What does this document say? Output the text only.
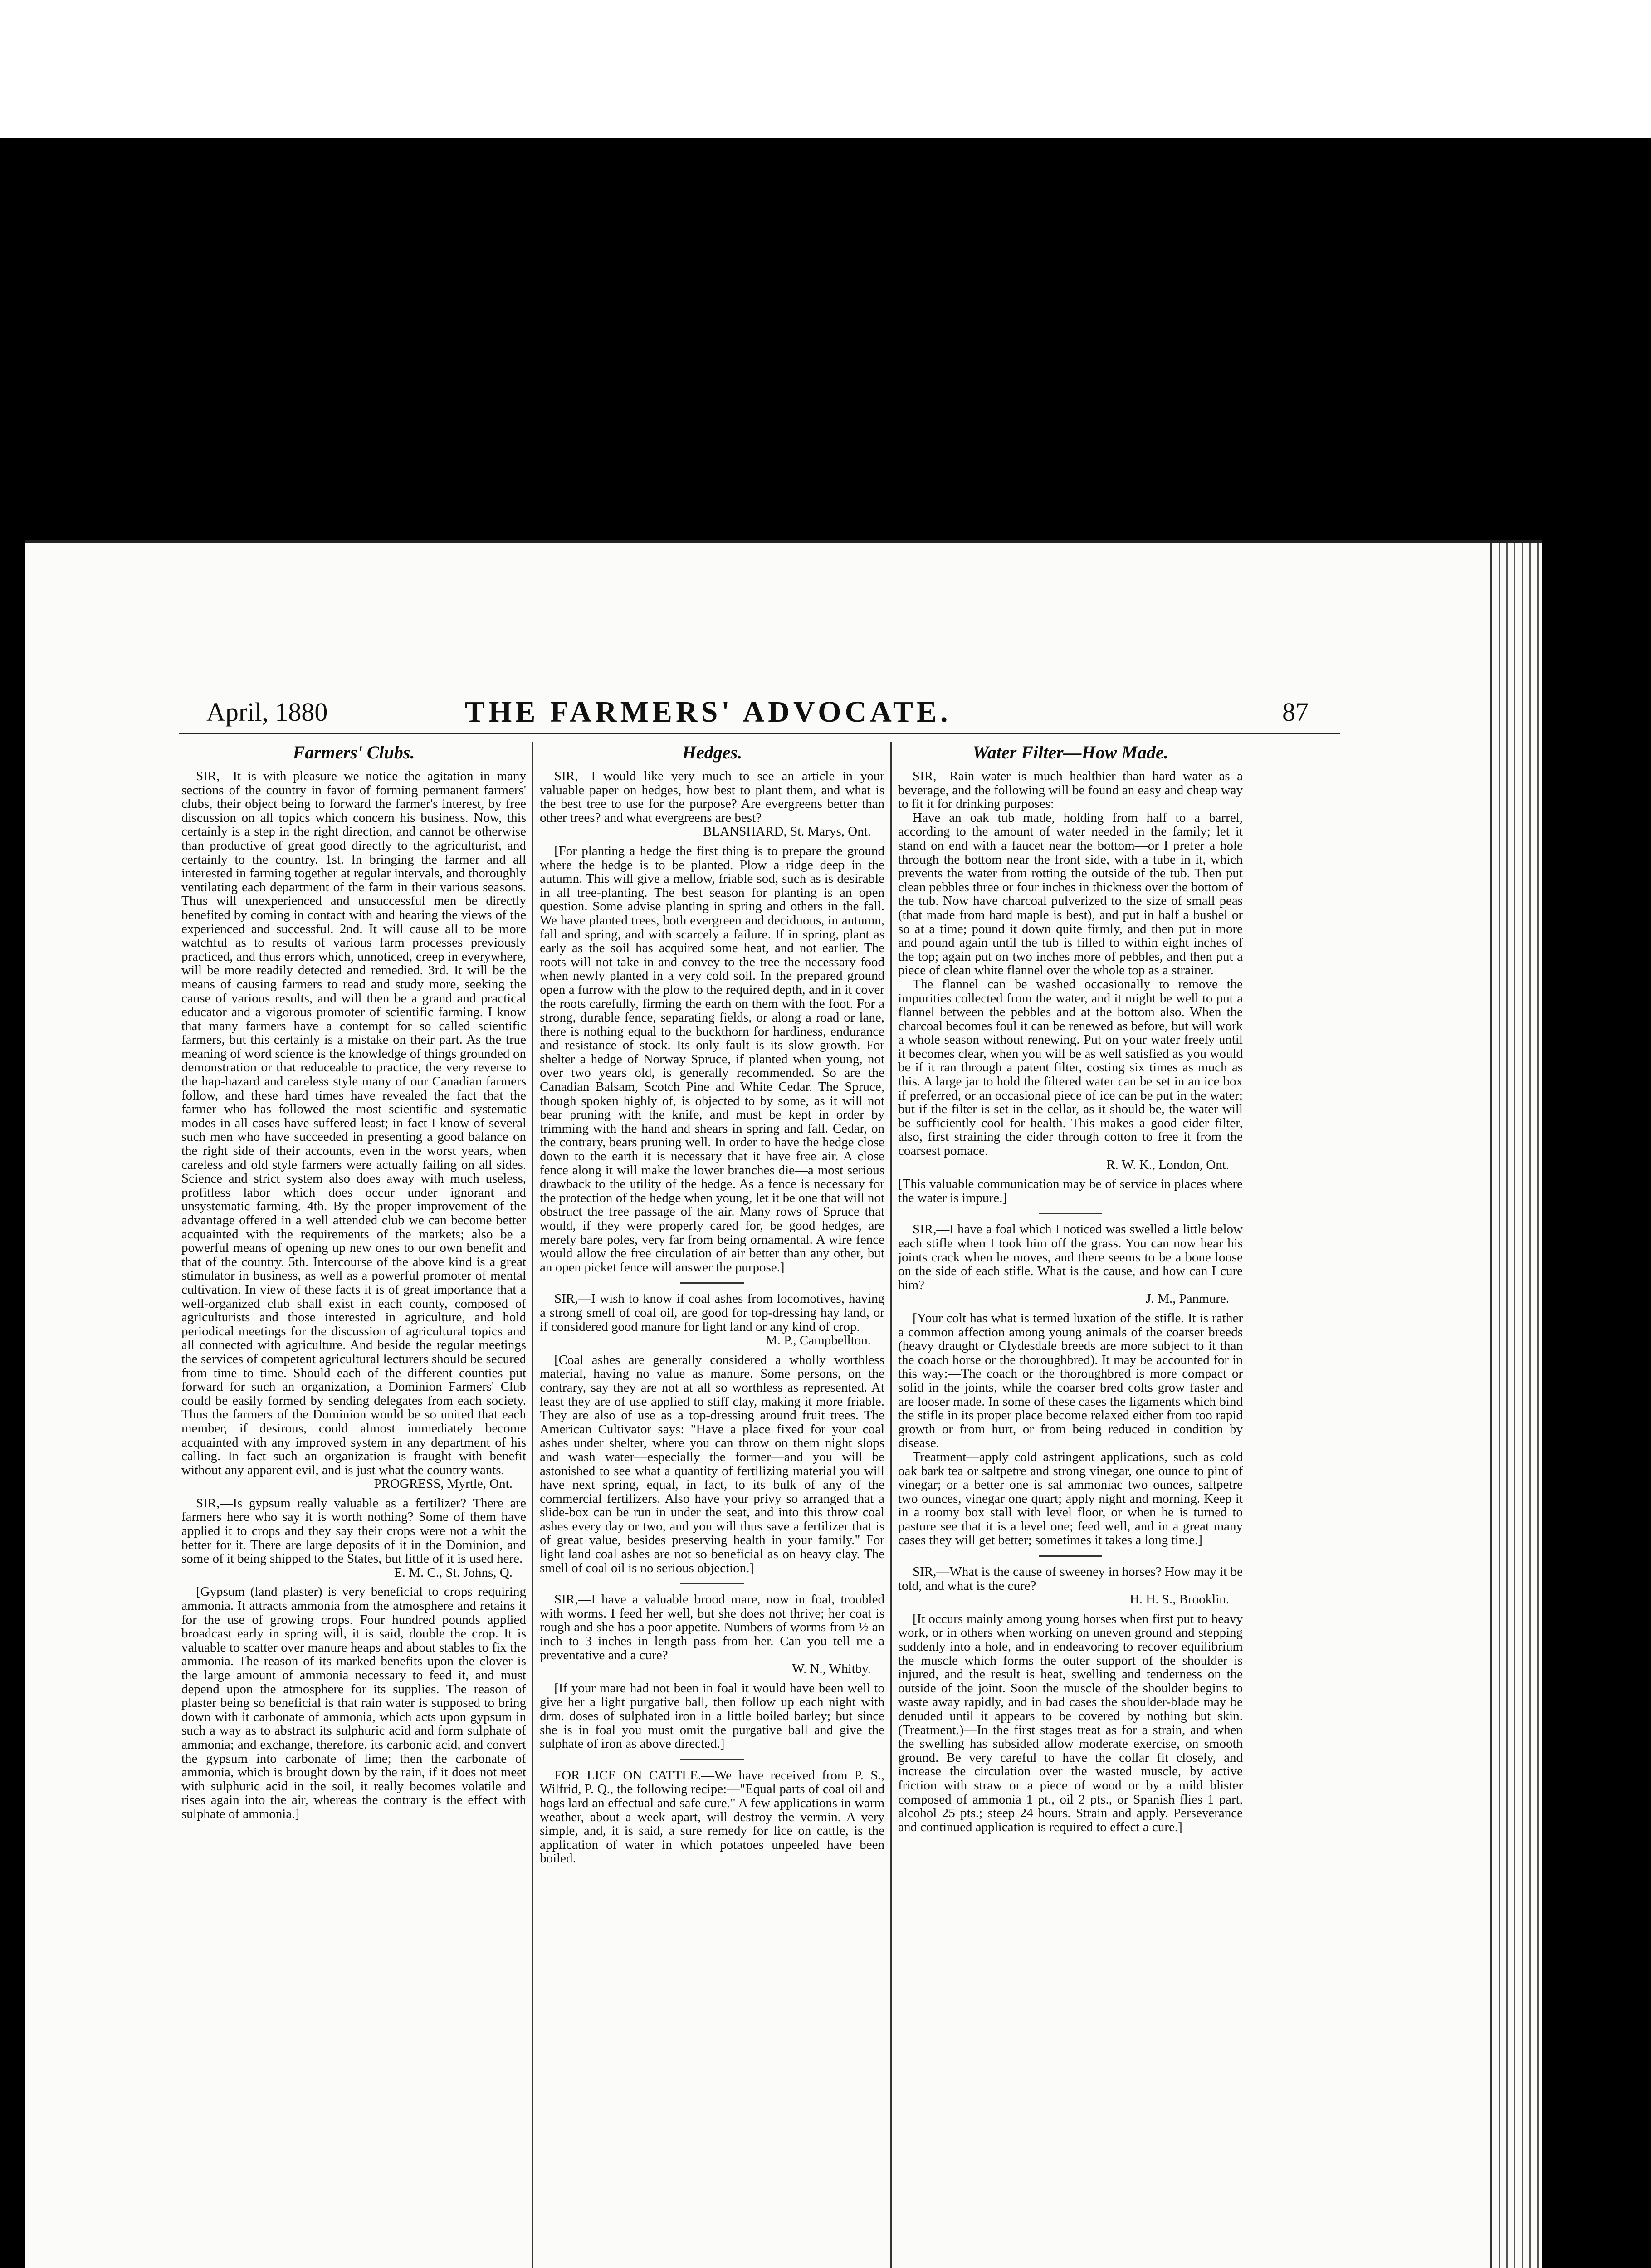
April, 1880	THE FARMERS' ADVOCATE.	87
Farmers' Clubs.

SIR,—It is with pleasure we notice the agitation in many sections of the country in favor of forming permanent farmers' clubs, their object being to forward the farmer's interest, by free discussion on all topics which concern his business. Now, this certainly is a step in the right direction, and cannot be otherwise than productive of great good directly to the agriculturist, and certainly to the country. 1st. In bringing the farmer and all interested in farming together at regular intervals, and thoroughly ventilating each department of the farm in their various seasons. Thus will unexperienced and unsuccessful men be directly benefited by coming in contact with and hearing the views of the experienced and successful. 2nd. It will cause all to be more watchful as to results of various farm processes previously practiced, and thus errors which, unnoticed, creep in everywhere, will be more readily detected and remedied. 3rd. It will be the means of causing farmers to read and study more, seeking the cause of various results, and will then be a grand and practical educator and a vigorous promoter of scientific farming. I know that many farmers have a contempt for so called scientific farmers, but this certainly is a mistake on their part. As the true meaning of word science is the knowledge of things grounded on demonstration or that reduceable to practice, the very reverse to the hap-hazard and careless style many of our Canadian farmers follow, and these hard times have revealed the fact that the farmer who has followed the most scientific and systematic modes in all cases have suffered least; in fact I know of several such men who have succeeded in presenting a good balance on the right side of their accounts, even in the worst years, when careless and old style farmers were actually failing on all sides. Science and strict system also does away with much useless, profitless labor which does occur under ignorant and unsystematic farming. 4th. By the proper improvement of the advantage offered in a well attended club we can become better acquainted with the requirements of the markets; also be a powerful means of opening up new ones to our own benefit and that of the country. 5th. Intercourse of the above kind is a great stimulator in business, as well as a powerful promoter of mental cultivation. In view of these facts it is of great importance that a well-organized club shall exist in each county, composed of agriculturists and those interested in agriculture, and hold periodical meetings for the discussion of agricultural topics and all connected with agriculture. And beside the regular meetings the services of competent agricultural lecturers should be secured from time to time. Should each of the different counties put forward for such an organization, a Dominion Farmers' Club could be easily formed by sending delegates from each society. Thus the farmers of the Dominion would be so united that each member, if desirous, could almost immediately become acquainted with any improved system in any department of his calling. In fact such an organization is fraught with benefit without any apparent evil, and is just what the country wants.

PROGRESS, Myrtle, Ont.

SIR,—Is gypsum really valuable as a fertilizer? There are farmers here who say it is worth nothing? Some of them have applied it to crops and they say their crops were not a whit the better for it. There are large deposits of it in the Dominion, and some of it being shipped to the States, but little of it is used here.

E. M. C., St. Johns, Q.

[Gypsum (land plaster) is very beneficial to crops requiring ammonia. It attracts ammonia from the atmosphere and retains it for the use of growing crops. Four hundred pounds applied broadcast early in spring will, it is said, double the crop. It is valuable to scatter over manure heaps and about stables to fix the ammonia. The reason of its marked benefits upon the clover is the large amount of ammonia necessary to feed it, and must depend upon the atmosphere for its supplies. The reason of plaster being so beneficial is that rain water is supposed to bring down with it carbonate of ammonia, which acts upon gypsum in such a way as to abstract its sulphuric acid and form sulphate of ammonia; and exchange, therefore, its carbonic acid, and convert the gypsum into carbonate of lime; then the carbonate of ammonia, which is brought down by the rain, if it does not meet with sulphuric acid in the soil, it really becomes volatile and rises again into the air, whereas the contrary is the effect with sulphate of ammonia.]

Hedges.

SIR,—I would like very much to see an article in your valuable paper on hedges, how best to plant them, and what is the best tree to use for the purpose? Are evergreens better than other trees? and what evergreens are best?

BLANSHARD, St. Marys, Ont.

[For planting a hedge the first thing is to prepare the ground where the hedge is to be planted. Plow a ridge deep in the autumn. This will give a mellow, friable sod, such as is desirable in all tree-planting. The best season for planting is an open question. Some advise planting in spring and others in the fall. We have planted trees, both evergreen and deciduous, in autumn, fall and spring, and with scarcely a failure. If in spring, plant as early as the soil has acquired some heat, and not earlier. The roots will not take in and convey to the tree the necessary food when newly planted in a very cold soil. In the prepared ground open a furrow with the plow to the required depth, and in it cover the roots carefully, firming the earth on them with the foot. For a strong, durable fence, separating fields, or along a road or lane, there is nothing equal to the buckthorn for hardiness, endurance and resistance of stock. Its only fault is its slow growth. For shelter a hedge of Norway Spruce, if planted when young, not over two years old, is generally recommended. So are the Canadian Balsam, Scotch Pine and White Cedar. The Spruce, though spoken highly of, is objected to by some, as it will not bear pruning with the knife, and must be kept in order by trimming with the hand and shears in spring and fall. Cedar, on the contrary, bears pruning well. In order to have the hedge close down to the earth it is necessary that it have free air. A close fence along it will make the lower branches die—a most serious drawback to the utility of the hedge. As a fence is necessary for the protection of the hedge when young, let it be one that will not obstruct the free passage of the air. Many rows of Spruce that would, if they were properly cared for, be good hedges, are merely bare poles, very far from being ornamental. A wire fence would allow the free circulation of air better than any other, but an open picket fence will answer the purpose.]

SIR,—I wish to know if coal ashes from locomotives, having a strong smell of coal oil, are good for top-dressing hay land, or if considered good manure for light land or any kind of crop.

M. P., Campbellton.

[Coal ashes are generally considered a wholly worthless material, having no value as manure. Some persons, on the contrary, say they are not at all so worthless as represented. At least they are of use applied to stiff clay, making it more friable. They are also of use as a top-dressing around fruit trees. The American Cultivator says: "Have a place fixed for your coal ashes under shelter, where you can throw on them night slops and wash water—especially the former—and you will be astonished to see what a quantity of fertilizing material you will have next spring, equal, in fact, to its bulk of any of the commercial fertilizers. Also have your privy so arranged that a slide-box can be run in under the seat, and into this throw coal ashes every day or two, and you will thus save a fertilizer that is of great value, besides preserving health in your family." For light land coal ashes are not so beneficial as on heavy clay. The smell of coal oil is no serious objection.]

SIR,—I have a valuable brood mare, now in foal, troubled with worms. I feed her well, but she does not thrive; her coat is rough and she has a poor appetite. Numbers of worms from ½ an inch to 3 inches in length pass from her. Can you tell me a preventative and a cure?

W. N., Whitby.

[If your mare had not been in foal it would have been well to give her a light purgative ball, then follow up each night with drm. doses of sulphated iron in a little boiled barley; but since she is in foal you must omit the purgative ball and give the sulphate of iron as above directed.]

FOR LICE ON CATTLE.—We have received from P. S., Wilfrid, P. Q., the following recipe:—"Equal parts of coal oil and hogs lard an effectual and safe cure." A few applications in warm weather, about a week apart, will destroy the vermin. A very simple, and, it is said, a sure remedy for lice on cattle, is the application of water in which potatoes unpeeled have been boiled.

Water Filter—How Made.

SIR,—Rain water is much healthier than hard water as a beverage, and the following will be found an easy and cheap way to fit it for drinking purposes:

Have an oak tub made, holding from half to a barrel, according to the amount of water needed in the family; let it stand on end with a faucet near the bottom—or I prefer a hole through the bottom near the front side, with a tube in it, which prevents the water from rotting the outside of the tub. Then put clean pebbles three or four inches in thickness over the bottom of the tub. Now have charcoal pulverized to the size of small peas (that made from hard maple is best), and put in half a bushel or so at a time; pound it down quite firmly, and then put in more and pound again until the tub is filled to within eight inches of the top; again put on two inches more of pebbles, and then put a piece of clean white flannel over the whole top as a strainer.

The flannel can be washed occasionally to remove the impurities collected from the water, and it might be well to put a flannel between the pebbles and at the bottom also. When the charcoal becomes foul it can be renewed as before, but will work a whole season without renewing. Put on your water freely until it becomes clear, when you will be as well satisfied as you would be if it ran through a patent filter, costing six times as much as this. A large jar to hold the filtered water can be set in an ice box if preferred, or an occasional piece of ice can be put in the water; but if the filter is set in the cellar, as it should be, the water will be sufficiently cool for health. This makes a good cider filter, also, first straining the cider through cotton to free it from the coarsest pomace.

R. W. K., London, Ont.

[This valuable communication may be of service in places where the water is impure.]

SIR,—I have a foal which I noticed was swelled a little below each stifle when I took him off the grass. You can now hear his joints crack when he moves, and there seems to be a bone loose on the side of each stifle. What is the cause, and how can I cure him?

J. M., Panmure.

[Your colt has what is termed luxation of the stifle. It is rather a common affection among young animals of the coarser breeds (heavy draught or Clydesdale breeds are more subject to it than the coach horse or the thoroughbred). It may be accounted for in this way:—The coach or the thoroughbred is more compact or solid in the joints, while the coarser bred colts grow faster and are looser made. In some of these cases the ligaments which bind the stifle in its proper place become relaxed either from too rapid growth or from hurt, or from being reduced in condition by disease.

Treatment—apply cold astringent applications, such as cold oak bark tea or saltpetre and strong vinegar, one ounce to pint of vinegar; or a better one is sal ammoniac two ounces, saltpetre two ounces, vinegar one quart; apply night and morning. Keep it in a roomy box stall with level floor, or when he is turned to pasture see that it is a level one; feed well, and in a great many cases they will get better; sometimes it takes a long time.]

SIR,—What is the cause of sweeney in horses? How may it be told, and what is the cure?

H. H. S., Brooklin.

[It occurs mainly among young horses when first put to heavy work, or in others when working on uneven ground and stepping suddenly into a hole, and in endeavoring to recover equilibrium the muscle which forms the outer support of the shoulder is injured, and the result is heat, swelling and tenderness on the outside of the joint. Soon the muscle of the shoulder begins to waste away rapidly, and in bad cases the shoulder-blade may be denuded until it appears to be covered by nothing but skin. (Treatment.)—In the first stages treat as for a strain, and when the swelling has subsided allow moderate exercise, on smooth ground. Be very careful to have the collar fit closely, and increase the circulation over the wasted muscle, by active friction with straw or a piece of wood or by a mild blister composed of ammonia 1 pt., oil 2 pts., or Spanish flies 1 part, alcohol 25 pts.; steep 24 hours. Strain and apply. Perseverance and continued application is required to effect a cure.]
